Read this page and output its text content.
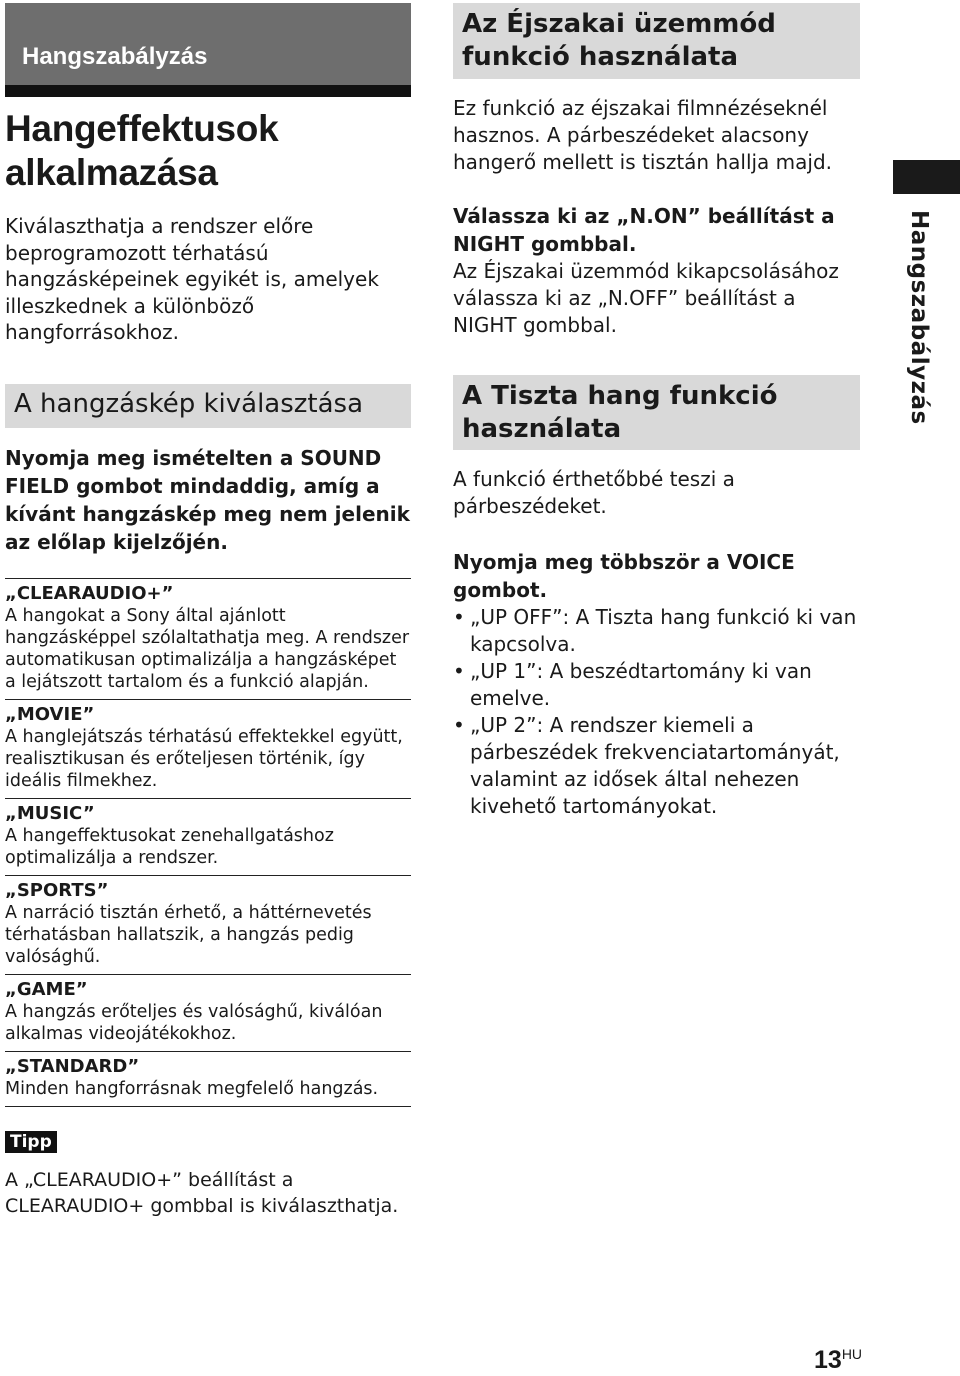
Hangszabályzás
Hangeffektusok alkalmazása

Kiválaszthatja a rendszer előre beprogramozott térhatású hangzásképeinek egyikét is, amelyek illeszkednek a különböző hangforrásokhoz.

A hangzáskép kiválasztása

Nyomja meg ismételten a SOUND FIELD gombot mindaddig, amíg a kívánt hangzáskép meg nem jelenik az előlap kijelzőjén.

„CLEARAUDIO+”
A hangokat a Sony által ajánlott hangzásképpel szólaltathatja meg. A rendszer automatikusan optimalizálja a hangzásképet a lejátszott tartalom és a funkció alapján.
„MOVIE”
A hanglejátszás térhatású effektekkel együtt, realisztikusan és erőteljesen történik, így ideális filmekhez.
„MUSIC”
A hangeffektusokat zenehallgatáshoz optimalizálja a rendszer.
„SPORTS”
A narráció tisztán érhető, a háttérnevetés térhatásban hallatszik, a hangzás pedig valósághű.
„GAME”
A hangzás erőteljes és valósághű, kiválóan alkalmas videojátékokhoz.
„STANDARD”
Minden hangforrásnak megfelelő hangzás.
Tipp
A „CLEARAUDIO+” beállítást a CLEARAUDIO+ gombbal is kiválaszthatja.
Az Éjszakai üzemmód funkció használata

Ez funkció az éjszakai filmnézéseknél hasznos. A párbeszédeket alacsony hangerő mellett is tisztán hallja majd.

Válassza ki az „N.ON” beállítást a NIGHT gombbal.

Az Éjszakai üzemmód kikapcsolásához válassza ki az „N.OFF” beállítást a NIGHT gombbal.

A Tiszta hang funkció használata

A funkció érthetőbbé teszi a párbeszédeket.

Nyomja meg többször a VOICE gombot.

• „UP OFF”: A Tiszta hang funkció ki van kapcsolva.
• „UP 1”: A beszédtartomány ki van emelve.
• „UP 2”: A rendszer kiemeli a párbeszédek frekvenciatartományát, valamint az idősek által nehezen kivehető tartományokat.
Hangszabályzás
$13^{HU}$
